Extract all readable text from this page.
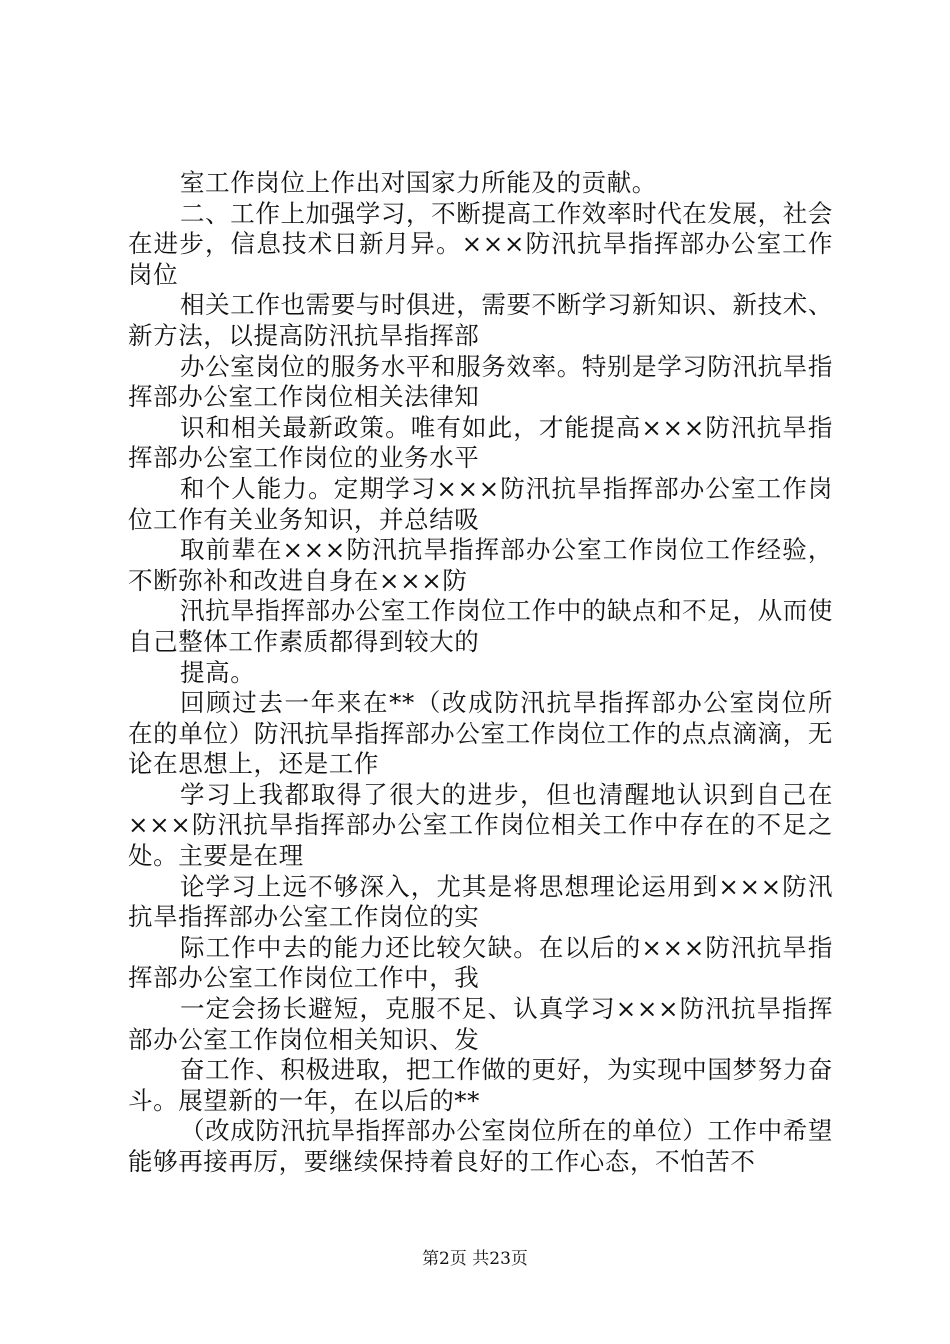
室工作岗位上作出对国家力所能及的贡献。

二、工作上加强学习，不断提高工作效率时代在发展，社会在进步，信息技术日新月异。×××防汛抗旱指挥部办公室工作岗位

相关工作也需要与时俱进，需要不断学习新知识、新技术、新方法，以提高防汛抗旱指挥部

办公室岗位的服务水平和服务效率。特别是学习防汛抗旱指挥部办公室工作岗位相关法律知

识和相关最新政策。唯有如此，才能提高×××防汛抗旱指挥部办公室工作岗位的业务水平

和个人能力。定期学习×××防汛抗旱指挥部办公室工作岗位工作有关业务知识，并总结吸

取前辈在×××防汛抗旱指挥部办公室工作岗位工作经验，不断弥补和改进自身在×××防

汛抗旱指挥部办公室工作岗位工作中的缺点和不足，从而使自己整体工作素质都得到较大的

提高。

回顾过去一年来在**（改成防汛抗旱指挥部办公室岗位所在的单位）防汛抗旱指挥部办公室工作岗位工作的点点滴滴，无论在思想上，还是工作

学习上我都取得了很大的进步，但也清醒地认识到自己在×××防汛抗旱指挥部办公室工作岗位相关工作中存在的不足之处。主要是在理

论学习上远不够深入，尤其是将思想理论运用到×××防汛抗旱指挥部办公室工作岗位的实

际工作中去的能力还比较欠缺。在以后的×××防汛抗旱指挥部办公室工作岗位工作中，我

一定会扬长避短，克服不足、认真学习×××防汛抗旱指挥部办公室工作岗位相关知识、发

奋工作、积极进取，把工作做的更好，为实现中国梦努力奋斗。展望新的一年，在以后的**

（改成防汛抗旱指挥部办公室岗位所在的单位）工作中希望能够再接再厉，要继续保持着良好的工作心态，不怕苦不

第2页 共23页
